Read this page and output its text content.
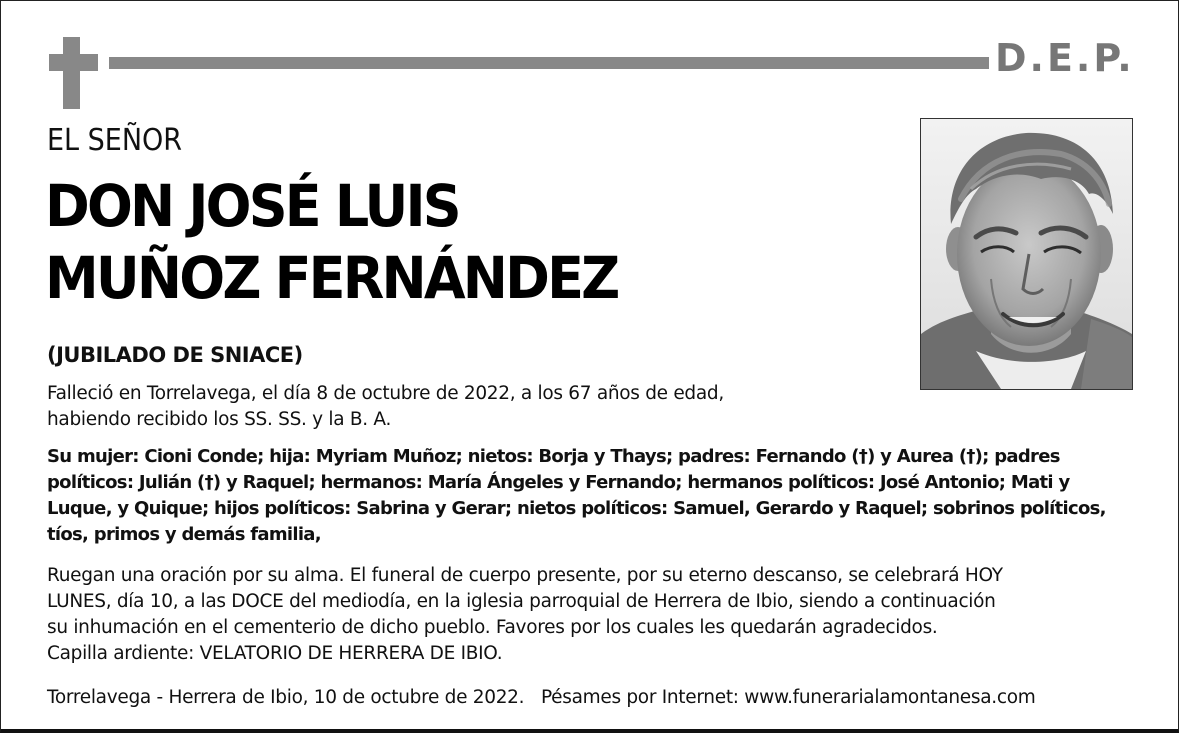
D.E.P.
EL SEÑOR
DON JOSÉ LUIS
MUÑOZ FERNÁNDEZ
(JUBILADO DE SNIACE)

Falleció en Torrelavega, el día 8 de octubre de 2022, a los 67 años de edad,
habiendo recibido los SS. SS. y la B. A.

Su mujer: Cioni Conde; hija: Myriam Muñoz; nietos: Borja y Thays; padres: Fernando (†) y Aurea (†); padres
políticos: Julián (†) y Raquel; hermanos: María Ángeles y Fernando; hermanos políticos: José Antonio; Mati y
Luque, y Quique; hijos políticos: Sabrina y Gerar; nietos políticos: Samuel, Gerardo y Raquel; sobrinos políticos,
tíos, primos y demás familia,

Ruegan una oración por su alma. El funeral de cuerpo presente, por su eterno descanso, se celebrará HOY
LUNES, día 10, a las DOCE del mediodía, en la iglesia parroquial de Herrera de Ibio, siendo a continuación
su inhumación en el cementerio de dicho pueblo. Favores por los cuales les quedarán agradecidos.
Capilla ardiente: VELATORIO DE HERRERA DE IBIO.

Torrelavega - Herrera de Ibio, 10 de octubre de 2022. Pésames por Internet: www.funerarialamontanesa.com
